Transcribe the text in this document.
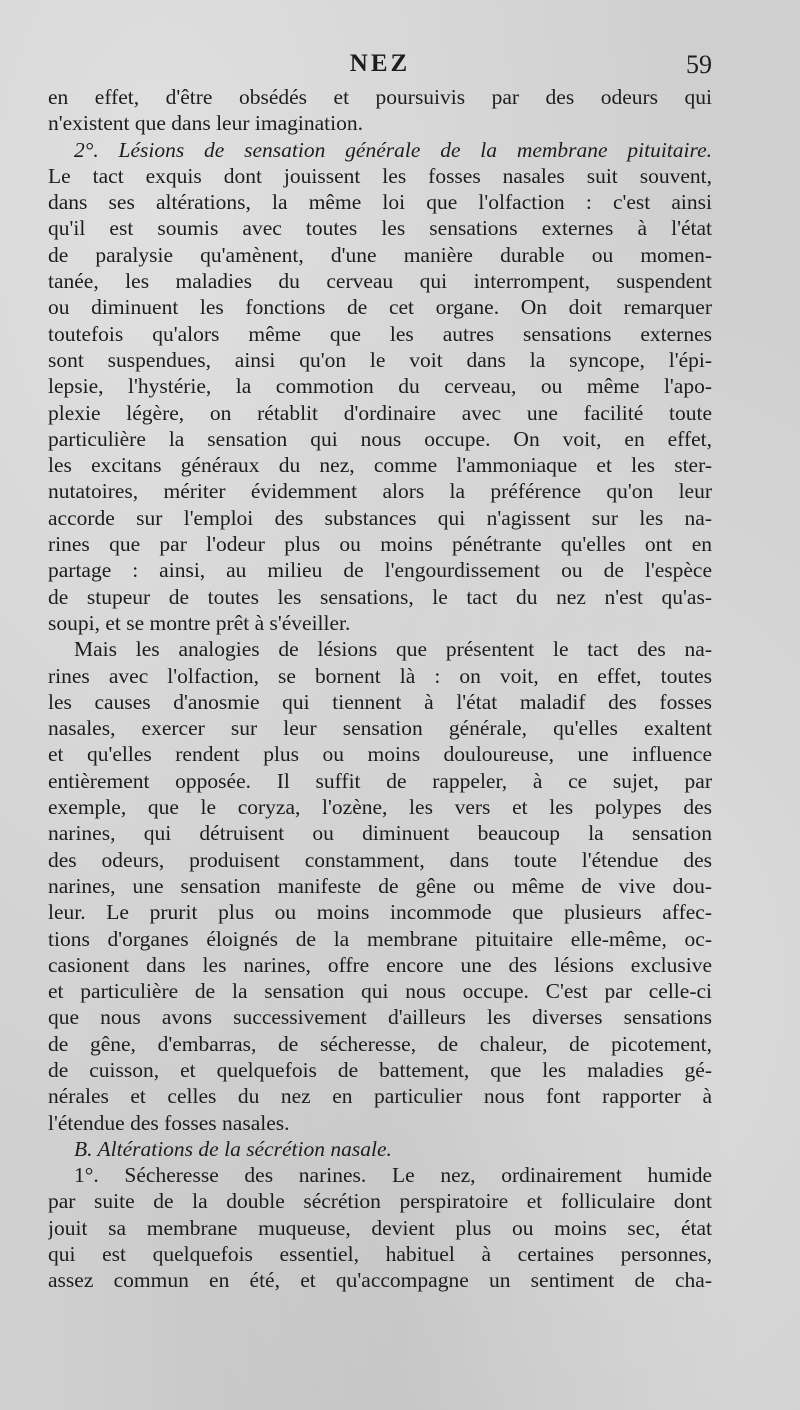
NEZ	59
en effet, d'être obsédés et poursuivis par des odeurs qui
n'existent que dans leur imagination.
2°. Lésions de sensation générale de la membrane pituitaire.
Le tact exquis dont jouissent les fosses nasales suit souvent,
dans ses altérations, la même loi que l'olfaction : c'est ainsi
qu'il est soumis avec toutes les sensations externes à l'état
de paralysie qu'amènent, d'une manière durable ou momen-
tanée, les maladies du cerveau qui interrompent, suspendent
ou diminuent les fonctions de cet organe. On doit remarquer
toutefois qu'alors même que les autres sensations externes
sont suspendues, ainsi qu'on le voit dans la syncope, l'épi-
lepsie, l'hystérie, la commotion du cerveau, ou même l'apo-
plexie légère, on rétablit d'ordinaire avec une facilité toute
particulière la sensation qui nous occupe. On voit, en effet,
les excitans généraux du nez, comme l'ammoniaque et les ster-
nutatoires, mériter évidemment alors la préférence qu'on leur
accorde sur l'emploi des substances qui n'agissent sur les na-
rines que par l'odeur plus ou moins pénétrante qu'elles ont en
partage : ainsi, au milieu de l'engourdissement ou de l'espèce
de stupeur de toutes les sensations, le tact du nez n'est qu'as-
soupi, et se montre prêt à s'éveiller.
Mais les analogies de lésions que présentent le tact des na-
rines avec l'olfaction, se bornent là : on voit, en effet, toutes
les causes d'anosmie qui tiennent à l'état maladif des fosses
nasales, exercer sur leur sensation générale, qu'elles exaltent
et qu'elles rendent plus ou moins douloureuse, une influence
entièrement opposée. Il suffit de rappeler, à ce sujet, par
exemple, que le coryza, l'ozène, les vers et les polypes des
narines, qui détruisent ou diminuent beaucoup la sensation
des odeurs, produisent constamment, dans toute l'étendue des
narines, une sensation manifeste de gêne ou même de vive dou-
leur. Le prurit plus ou moins incommode que plusieurs affec-
tions d'organes éloignés de la membrane pituitaire elle-même, oc-
casionent dans les narines, offre encore une des lésions exclusive
et particulière de la sensation qui nous occupe. C'est par celle-ci
que nous avons successivement d'ailleurs les diverses sensations
de gêne, d'embarras, de sécheresse, de chaleur, de picotement,
de cuisson, et quelquefois de battement, que les maladies gé-
nérales et celles du nez en particulier nous font rapporter à
l'étendue des fosses nasales.
B. Altérations de la sécrétion nasale.
1°. Sécheresse des narines. Le nez, ordinairement humide
par suite de la double sécrétion perspiratoire et folliculaire dont
jouit sa membrane muqueuse, devient plus ou moins sec, état
qui est quelquefois essentiel, habituel à certaines personnes,
assez commun en été, et qu'accompagne un sentiment de cha-
